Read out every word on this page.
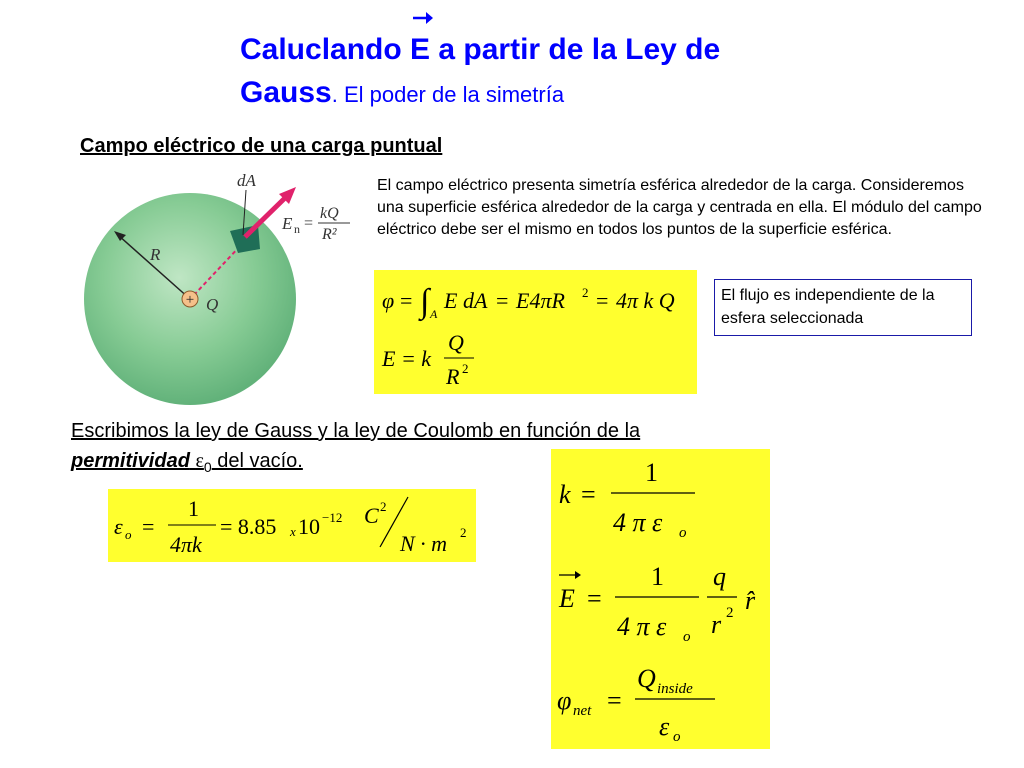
Caluclando
E a partir de la Ley de
Gauss. El poder de la simetría
Campo eléctrico de una carga puntual
+
dA
R
Q
E n =
kQ
R²
El campo eléctrico presenta simetría esférica alrededor de la carga. Consideremos una superficie esférica alrededor de la carga y centrada en ella. El módulo del campo eléctrico debe ser el mismo en todos los puntos de la superficie esférica.
φ = ∫ A
E dA = E4πR 2 = 4π k Q
E = k
Q
R 2
El flujo es independiente de la esfera seleccionada
Escribimos la ley de Gauss y la ley de Coulomb en función de la
permitividad $\varepsilon_0$ del vacío.
ε o =
1
4πk
= 8.85 x 10 −12 C 2
N · m 2
k =
1
4 π ε o
E =
1
4 π ε o
q
r 2 r̂
φ net =
Q inside
ε o
